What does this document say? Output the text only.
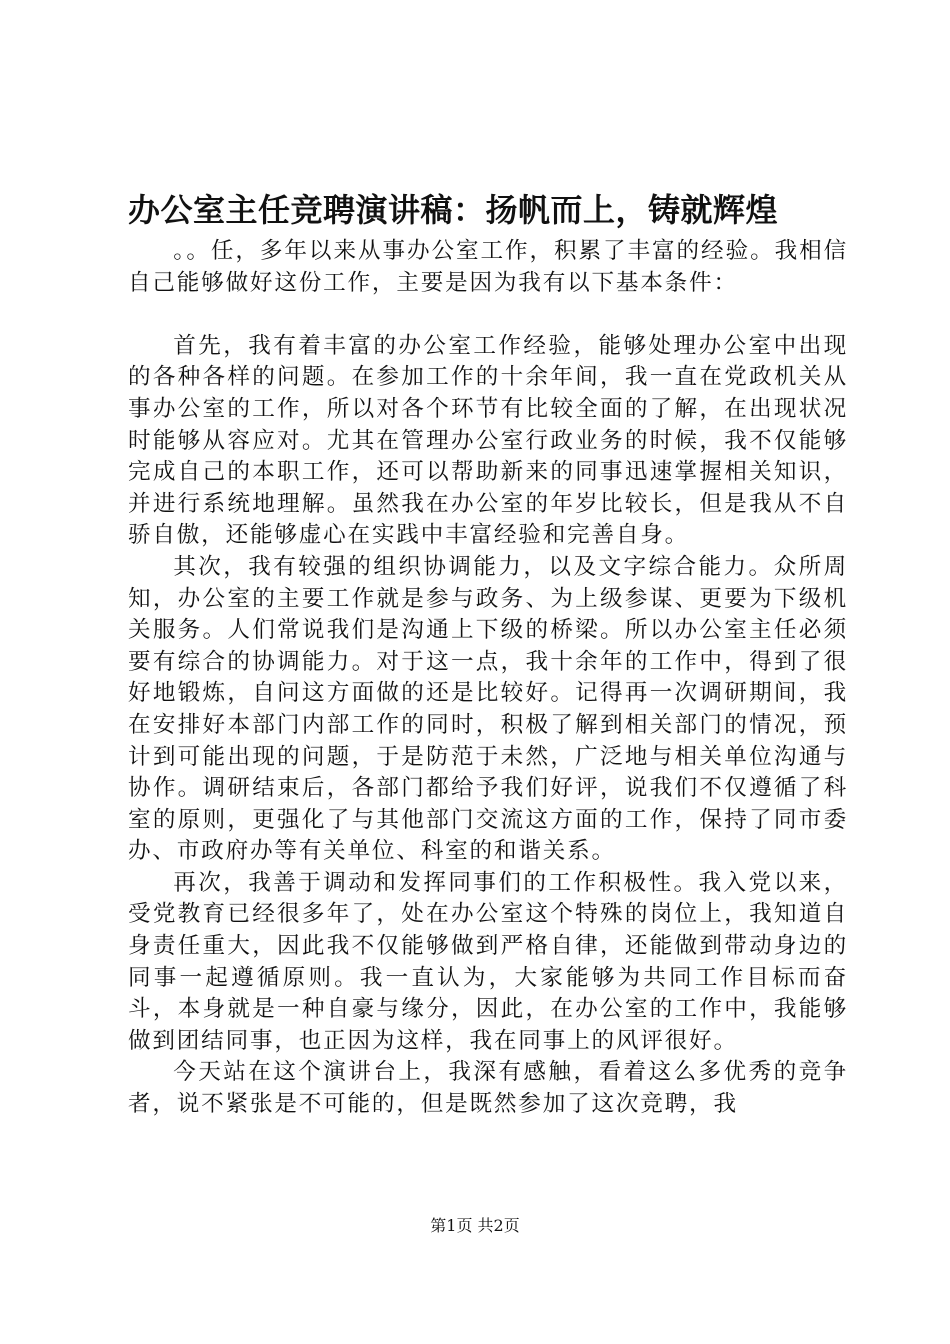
办公室主任竞聘演讲稿：扬帆而上，铸就辉煌

。。任，多年以来从事办公室工作，积累了丰富的经验。我相信自己能够做好这份工作，主要是因为我有以下基本条件：

首先，我有着丰富的办公室工作经验，能够处理办公室中出现的各种各样的问题。在参加工作的十余年间，我一直在党政机关从事办公室的工作，所以对各个环节有比较全面的了解，在出现状况时能够从容应对。尤其在管理办公室行政业务的时候，我不仅能够完成自己的本职工作，还可以帮助新来的同事迅速掌握相关知识，并进行系统地理解。虽然我在办公室的年岁比较长，但是我从不自骄自傲，还能够虚心在实践中丰富经验和完善自身。

其次，我有较强的组织协调能力，以及文字综合能力。众所周知，办公室的主要工作就是参与政务、为上级参谋、更要为下级机关服务。人们常说我们是沟通上下级的桥梁。所以办公室主任必须要有综合的协调能力。对于这一点，我十余年的工作中，得到了很好地锻炼，自问这方面做的还是比较好。记得再一次调研期间，我在安排好本部门内部工作的同时，积极了解到相关部门的情况，预计到可能出现的问题，于是防范于未然，广泛地与相关单位沟通与协作。调研结束后，各部门都给予我们好评，说我们不仅遵循了科室的原则，更强化了与其他部门交流这方面的工作，保持了同市委办、市政府办等有关单位、科室的和谐关系。

再次，我善于调动和发挥同事们的工作积极性。我入党以来，受党教育已经很多年了，处在办公室这个特殊的岗位上，我知道自身责任重大，因此我不仅能够做到严格自律，还能做到带动身边的同事一起遵循原则。我一直认为，大家能够为共同工作目标而奋斗，本身就是一种自豪与缘分，因此，在办公室的工作中，我能够做到团结同事，也正因为这样，我在同事上的风评很好。

今天站在这个演讲台上，我深有感触，看着这么多优秀的竞争者，说不紧张是不可能的，但是既然参加了这次竞聘，我

第1页 共2页
